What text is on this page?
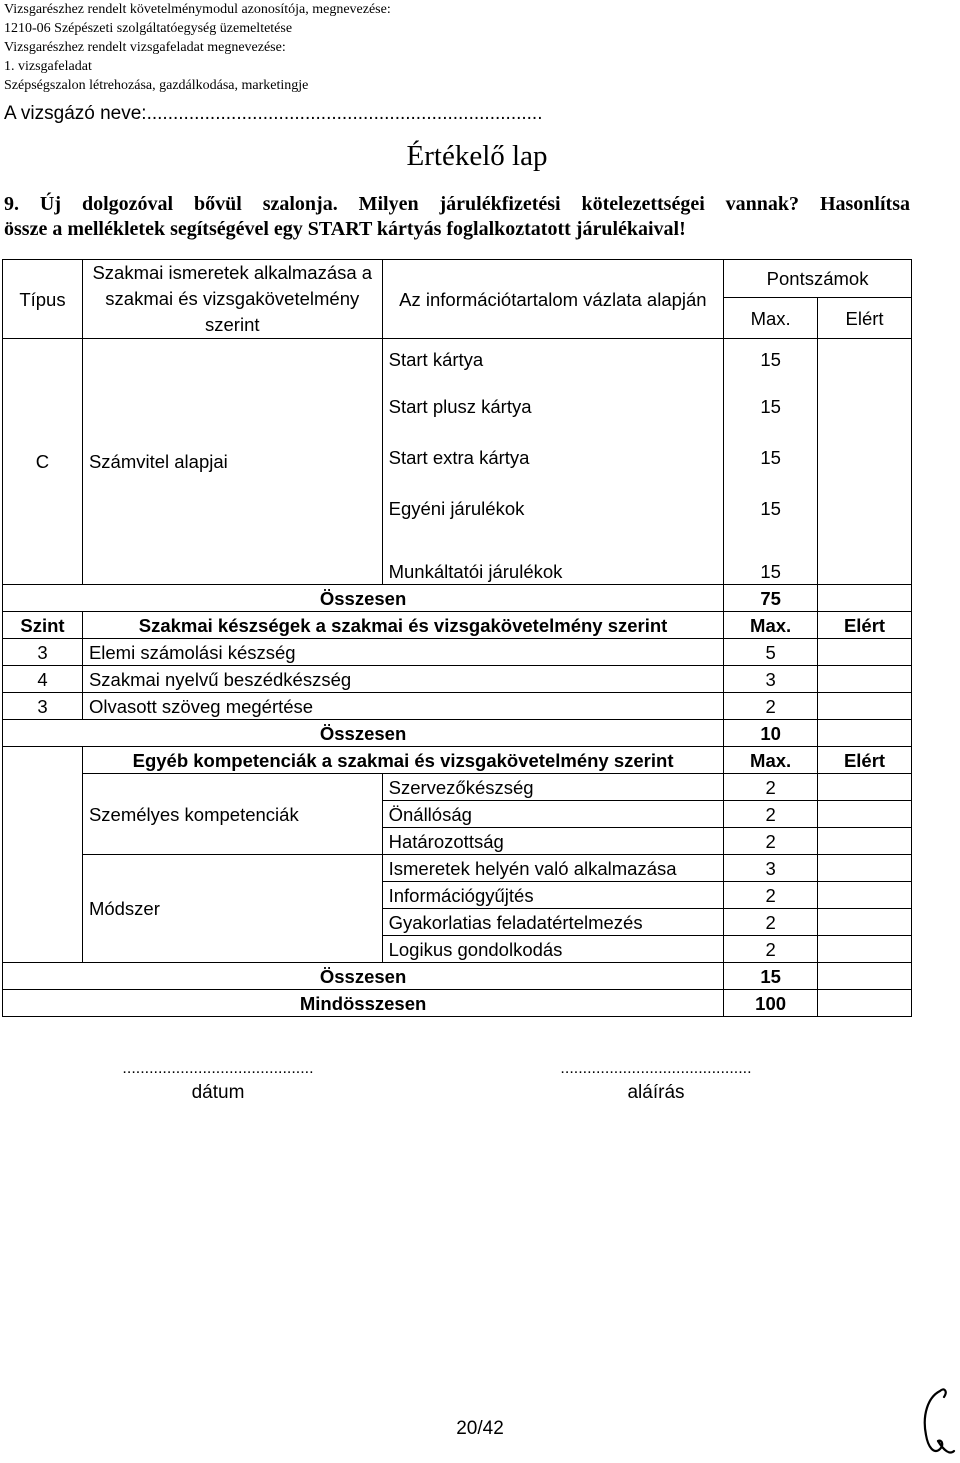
Vizsgarészhez rendelt követelménymodul azonosítója, megnevezése:
1210-06 Szépészeti szolgáltatóegység üzemeltetése
Vizsgarészhez rendelt vizsgafeladat megnevezése:
1. vizsgafeladat
Szépségszalon létrehozása, gazdálkodása, marketingje
A vizsgázó neve:...........................................................................
Értékelő lap
9. Új dolgozóval bővül szalonja. Milyen járulékfizetési kötelezettségei vannak? Hasonlítsa
össze a mellékletek segítségével egy START kártyás foglalkoztatott járulékaival!
Típus	Szakmai ismeretek alkalmazása a szakmai és vizsgakövetelmény szerint	Az információtartalom vázlata alapján	Pontszámok	
			Max.	Elért
C	Számvitel alapjai	Start kártya	15	
		Start plusz kártya	15	
		Start extra kártya	15	
		Egyéni járulékok	15	
		Munkáltatói járulékok	15	
Összesen			75	
Szint	Szakmai készségek a szakmai és vizsgakövetelmény szerint		Max.	Elért
3	Elemi számolási készség		5	
4	Szakmai nyelvű beszédkészség		3	
3	Olvasott szöveg megértése		2	
Összesen			10	
	Egyéb kompetenciák a szakmai és vizsgakövetelmény szerint		Max.	Elért
	Személyes kompetenciák	Szervezőkészség	2	
		Önállóság	2	
		Határozottság	2	
	Módszer	Ismeretek helyén való alkalmazása	3	
		Információgyűjtés	2	
		Gyakorlatias feladatértelmezés	2	
		Logikus gondolkodás	2	
Összesen			15	
Mindösszesen			100	
...........................................
dátum
...........................................
aláírás
20/42
